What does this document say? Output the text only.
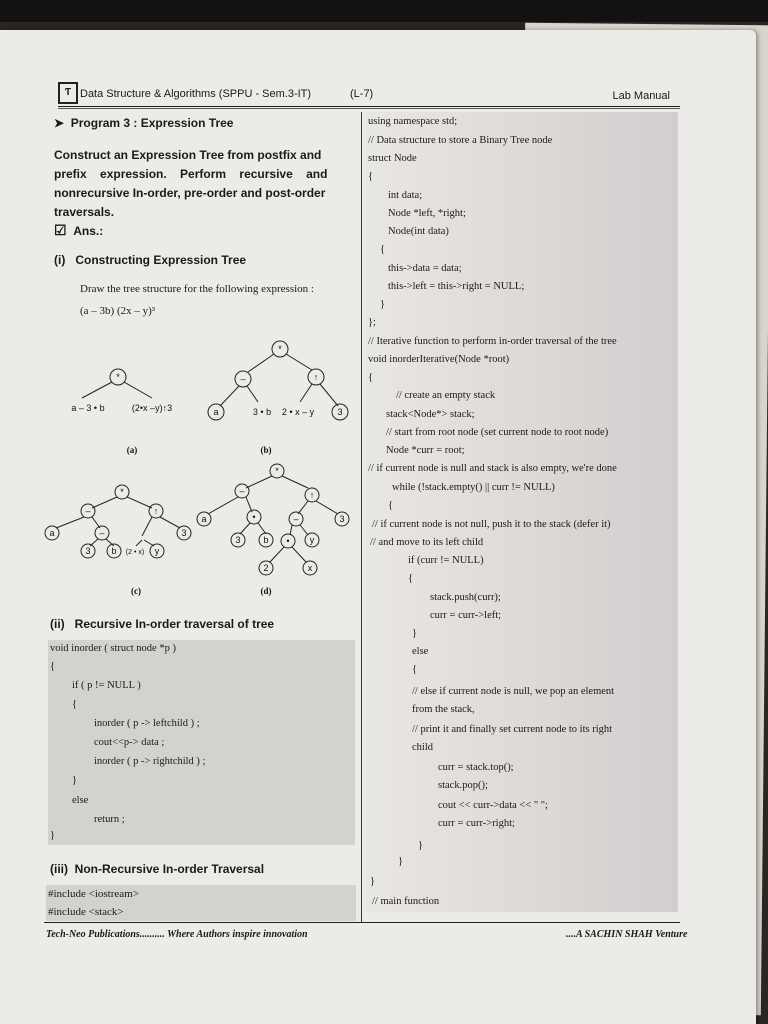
Ƭ Data Structure & Algorithms (SPPU - Sem.3-IT)	(L-7)	Lab Manual
➤ Program 3 : Expression Tree
Construct an Expression Tree from postfix and
prefix    expression.    Perform    recursive    and
nonrecursive In-order, pre-order and post-order
traversals.
☑ Ans.:
(i)   Constructing Expression Tree
Draw the tree structure for the following expression :
(a – 3b) (2x – y)³
*
a – 3 • b	(2•x –y)↑3
(a)
*
–	↑
a	3 • b 2 • x – y	3
(b)
*
–	↑
a	–	3
3 b (2 • x) y
(c)
*
–	↑
a	•	–	3
3	b • y
2	x
(d)
(ii)   Recursive In-order traversal of tree
void inorder ( struct node *p )
{
if ( p != NULL )
{
inorder ( p -> leftchild ) ;
cout<<p-> data ;
inorder ( p -> rightchild ) ;
}
else
return ;
}
(iii)  Non-Recursive In-order Traversal
#include <iostream>
#include <stack>
using namespace std;
// Data structure to store a Binary Tree node
struct Node
{
int data;
Node *left, *right;
Node(int data)
{
this->data = data;
this->left = this->right = NULL;
}
};
// Iterative function to perform in-order traversal of the tree
void inorderIterative(Node *root)
{
// create an empty stack
stack<Node*> stack;
// start from root node (set current node to root node)
Node *curr = root;
// if current node is null and stack is also empty, we're done
while (!stack.empty() || curr != NULL)
{
// if current node is not null, push it to the stack (defer it)
// and move to its left child
if (curr != NULL)
{
stack.push(curr);
curr = curr->left;
}
else
{
// else if current node is null, we pop an element
from the stack,
// print it and finally set current node to its right
child
curr = stack.top();
stack.pop();
cout << curr->data << " ";
curr = curr->right;
}
}
}
// main function
Tech-Neo Publications.......... Where Authors inspire innovation	....A SACHIN SHAH Venture
